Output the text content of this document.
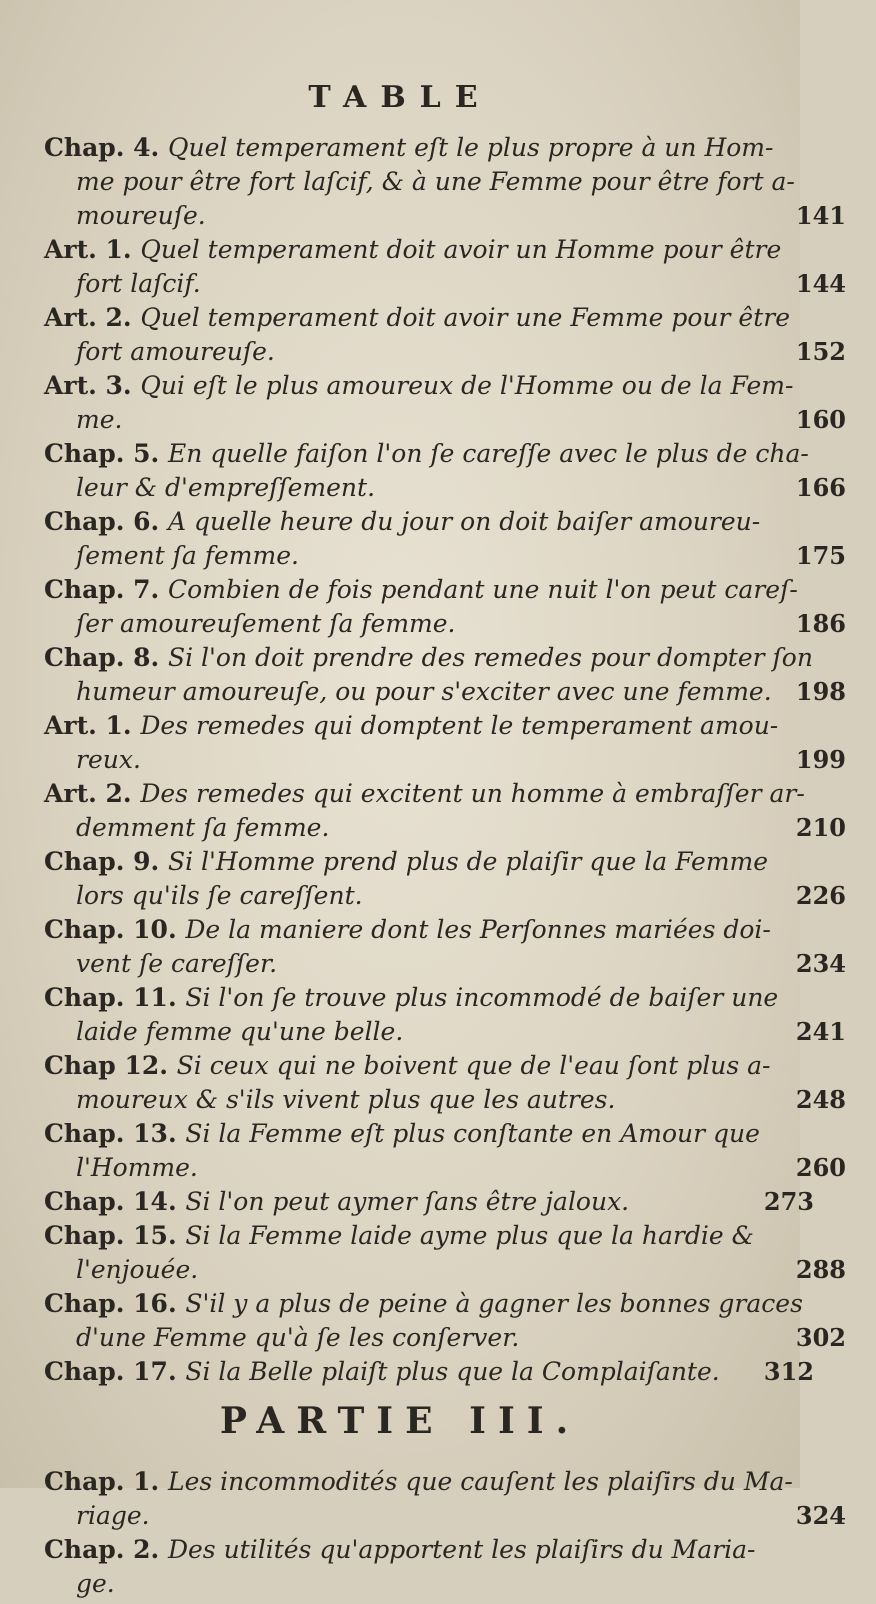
TABLE
Chap. 4. Quel temperament eſt le plus propre à un Hom-
me pour être fort laſcif, & à une Femme pour être fort a-
moureuſe.	141
Art. 1. Quel temperament doit avoir un Homme pour être
fort laſcif.	144
Art. 2. Quel temperament doit avoir une Femme pour être
fort amoureuſe.	152
Art. 3. Qui eſt le plus amoureux de l'Homme ou de la Fem-
me.	160
Chap. 5. En quelle faiſon l'on ſe careſſe avec le plus de cha-
leur & d'empreſſement.	166
Chap. 6. A quelle heure du jour on doit baiſer amoureu-
ſement ſa femme.	175
Chap. 7. Combien de fois pendant une nuit l'on peut careſ-
ſer amoureuſement ſa femme.	186
Chap. 8. Si l'on doit prendre des remedes pour dompter ſon
humeur amoureuſe, ou pour s'exciter avec une femme. 198
Art. 1. Des remedes qui domptent le temperament amou-
reux.	199
Art. 2. Des remedes qui excitent un homme à embraſſer ar-
demment ſa femme.	210
Chap. 9. Si l'Homme prend plus de plaiſir que la Femme
lors qu'ils ſe careſſent.	226
Chap. 10. De la maniere dont les Perſonnes mariées doi-
vent ſe careſſer.	234
Chap. 11. Si l'on ſe trouve plus incommodé de baiſer une
laide femme qu'une belle.	241
Chap 12. Si ceux qui ne boivent que de l'eau ſont plus a-
moureux & s'ils vivent plus que les autres.	248
Chap. 13. Si la Femme eſt plus conſtante en Amour que
l'Homme.	260
Chap. 14. Si l'on peut aymer ſans être jaloux.	273
Chap. 15. Si la Femme laide ayme plus que la hardie &
l'enjouée.	288
Chap. 16. S'il y a plus de peine à gagner les bonnes graces
d'une Femme qu'à ſe les conſerver.	302
Chap. 17. Si la Belle plaiſt plus que la Complaiſante. 312
PARTIE III.
Chap. 1. Les incommodités que cauſent les plaiſirs du Ma-
riage.	324
Chap. 2. Des utilités qu'apportent les plaiſirs du Maria-
ge.
